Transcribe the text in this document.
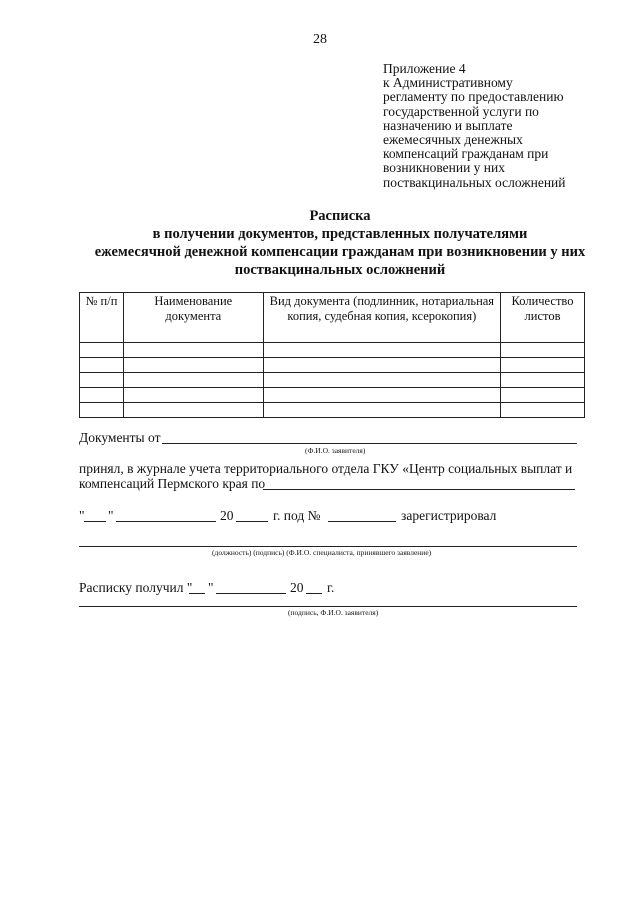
28
Приложение 4
к Административному
регламенту по предоставлению
государственной услуги по
назначению и выплате
ежемесячных денежных
компенсаций гражданам при
возникновении у них
поствакцинальных осложнений
Расписка
в получении документов, представленных получателями
ежемесячной денежной компенсации гражданам при возникновении у них
поствакцинальных осложнений
№ п/п	Наименование документа	Вид документа (подлинник, нотариальная копия, судебная копия, ксерокопия)	Количество листов

Документы от
(Ф.И.О. заявителя)
принял, в журнале учета территориального отдела ГКУ «Центр социальных выплат и
компенсаций Пермского края по
" "	20	г. под №	зарегистрировал
(должность) (подпись) (Ф.И.О. специалиста, принявшего заявление)
Расписку получил " "	20 г.
(подпись, Ф.И.О. заявителя)
